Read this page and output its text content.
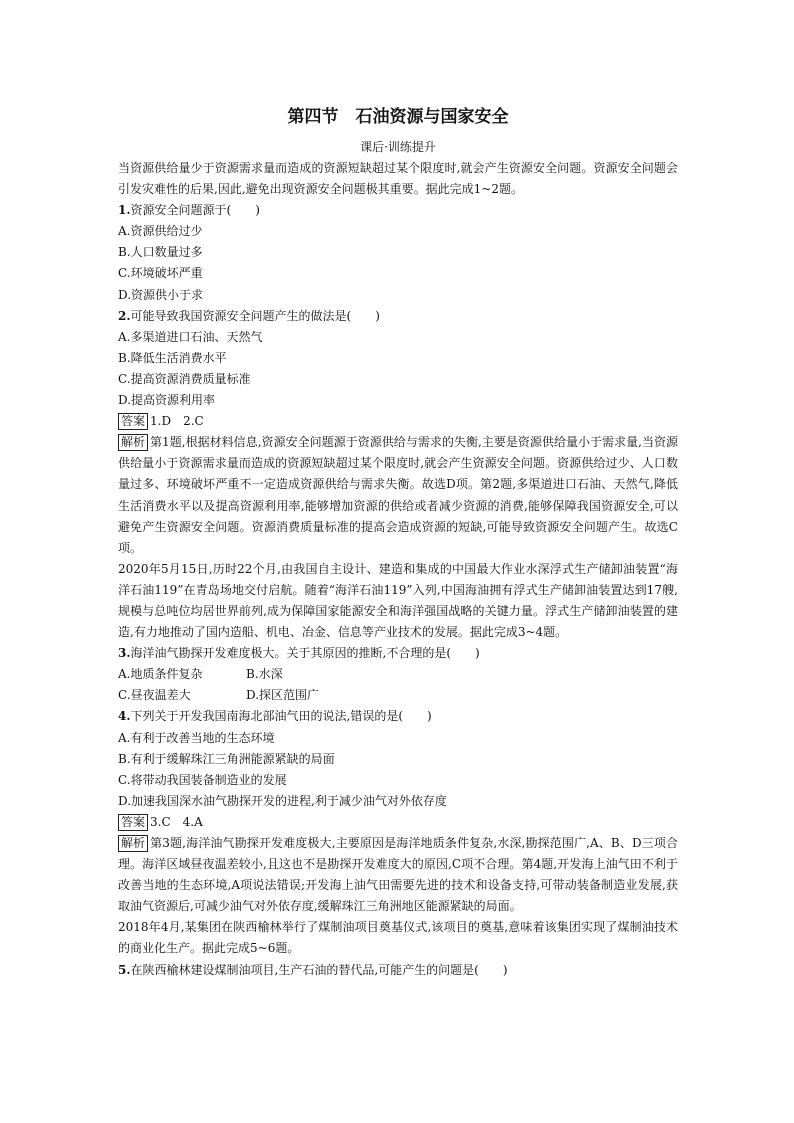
第四节　石油资源与国家安全
课后·训练提升

当资源供给量少于资源需求量而造成的资源短缺超过某个限度时,就会产生资源安全问题。资源安全问题会引发灾难性的后果,因此,避免出现资源安全问题极其重要。据此完成1~2题。

1.资源安全问题源于(　　)

A.资源供给过少

B.人口数量过多

C.环境破坏严重

D.资源供小于求

2.可能导致我国资源安全问题产生的做法是(　　)

A.多渠道进口石油、天然气

B.降低生活消费水平

C.提高资源消费质量标准

D.提高资源利用率

答案 1.D　2.C

解析 第1题,根据材料信息,资源安全问题源于资源供给与需求的失衡,主要是资源供给量小于需求量,当资源供给量小于资源需求量而造成的资源短缺超过某个限度时,就会产生资源安全问题。资源供给过少、人口数量过多、环境破坏严重不一定造成资源供给与需求失衡。故选D项。第2题,多渠道进口石油、天然气,降低生活消费水平以及提高资源利用率,能够增加资源的供给或者减少资源的消费,能够保障我国资源安全,可以避免产生资源安全问题。资源消费质量标准的提高会造成资源的短缺,可能导致资源安全问题产生。故选C项。

2020年5月15日,历时22个月,由我国自主设计、建造和集成的中国最大作业水深浮式生产储卸油装置“海洋石油119”在青岛场地交付启航。随着“海洋石油119”入列,中国海油拥有浮式生产储卸油装置达到17艘,规模与总吨位均居世界前列,成为保障国家能源安全和海洋强国战略的关键力量。浮式生产储卸油装置的建造,有力地推动了国内造船、机电、冶金、信息等产业技术的发展。据此完成3~4题。

3.海洋油气勘探开发难度极大。关于其原因的推断,不合理的是(　　)

A.地质条件复杂	B.水深

C.昼夜温差大	D.探区范围广

4.下列关于开发我国南海北部油气田的说法,错误的是(　　)

A.有利于改善当地的生态环境

B.有利于缓解珠江三角洲能源紧缺的局面

C.将带动我国装备制造业的发展

D.加速我国深水油气勘探开发的进程,利于减少油气对外依存度

答案 3.C　4.A

解析 第3题,海洋油气勘探开发难度极大,主要原因是海洋地质条件复杂,水深,勘探范围广,A、B、D三项合理。海洋区域昼夜温差较小,且这也不是勘探开发难度大的原因,C项不合理。第4题,开发海上油气田不利于改善当地的生态环境,A项说法错误;开发海上油气田需要先进的技术和设备支持,可带动装备制造业发展,获取油气资源后,可减少油气对外依存度,缓解珠江三角洲地区能源紧缺的局面。

2018年4月,某集团在陕西榆林举行了煤制油项目奠基仪式,该项目的奠基,意味着该集团实现了煤制油技术的商业化生产。据此完成5~6题。

5.在陕西榆林建设煤制油项目,生产石油的替代品,可能产生的问题是(　　)
